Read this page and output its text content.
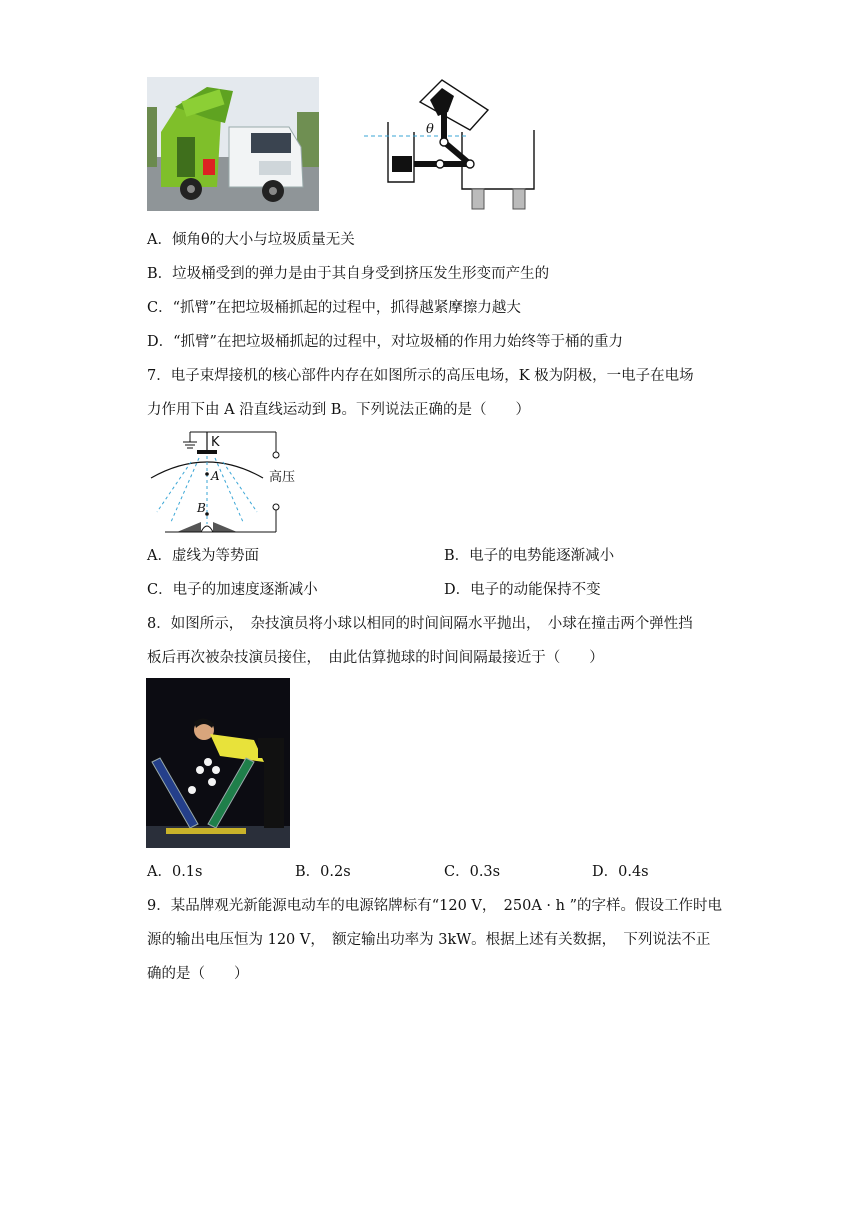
θ
A．倾角θ的大小与垃圾质量无关
B．垃圾桶受到的弹力是由于其自身受到挤压发生形变而产生的
C．“抓臂”在把垃圾桶抓起的过程中，抓得越紧摩擦力越大
D．“抓臂”在把垃圾桶抓起的过程中，对垃圾桶的作用力始终等于桶的重力
7．电子束焊接机的核心部件内存在如图所示的高压电场，K 极为阴极，一电子在电场
力作用下由 A 沿直线运动到 B。下列说法正确的是（　　）
K
A
B
高压
A．虚线为等势面	B．电子的电势能逐渐减小
C．电子的加速度逐渐减小	D．电子的动能保持不变
8．如图所示，　杂技演员将小球以相同的时间间隔水平抛出，　小球在撞击两个弹性挡
板后再次被杂技演员接住，　由此估算抛球的时间间隔最接近于（　　）
A．0.1s	B．0.2s	C．0.3s	D．0.4s
9．某品牌观光新能源电动车的电源铭牌标有“120 V，　250A · h ”的字样。假设工作时电
源的输出电压恒为 120 V，　额定输出功率为 3kW。根据上述有关数据，　下列说法不正
确的是（　　）
